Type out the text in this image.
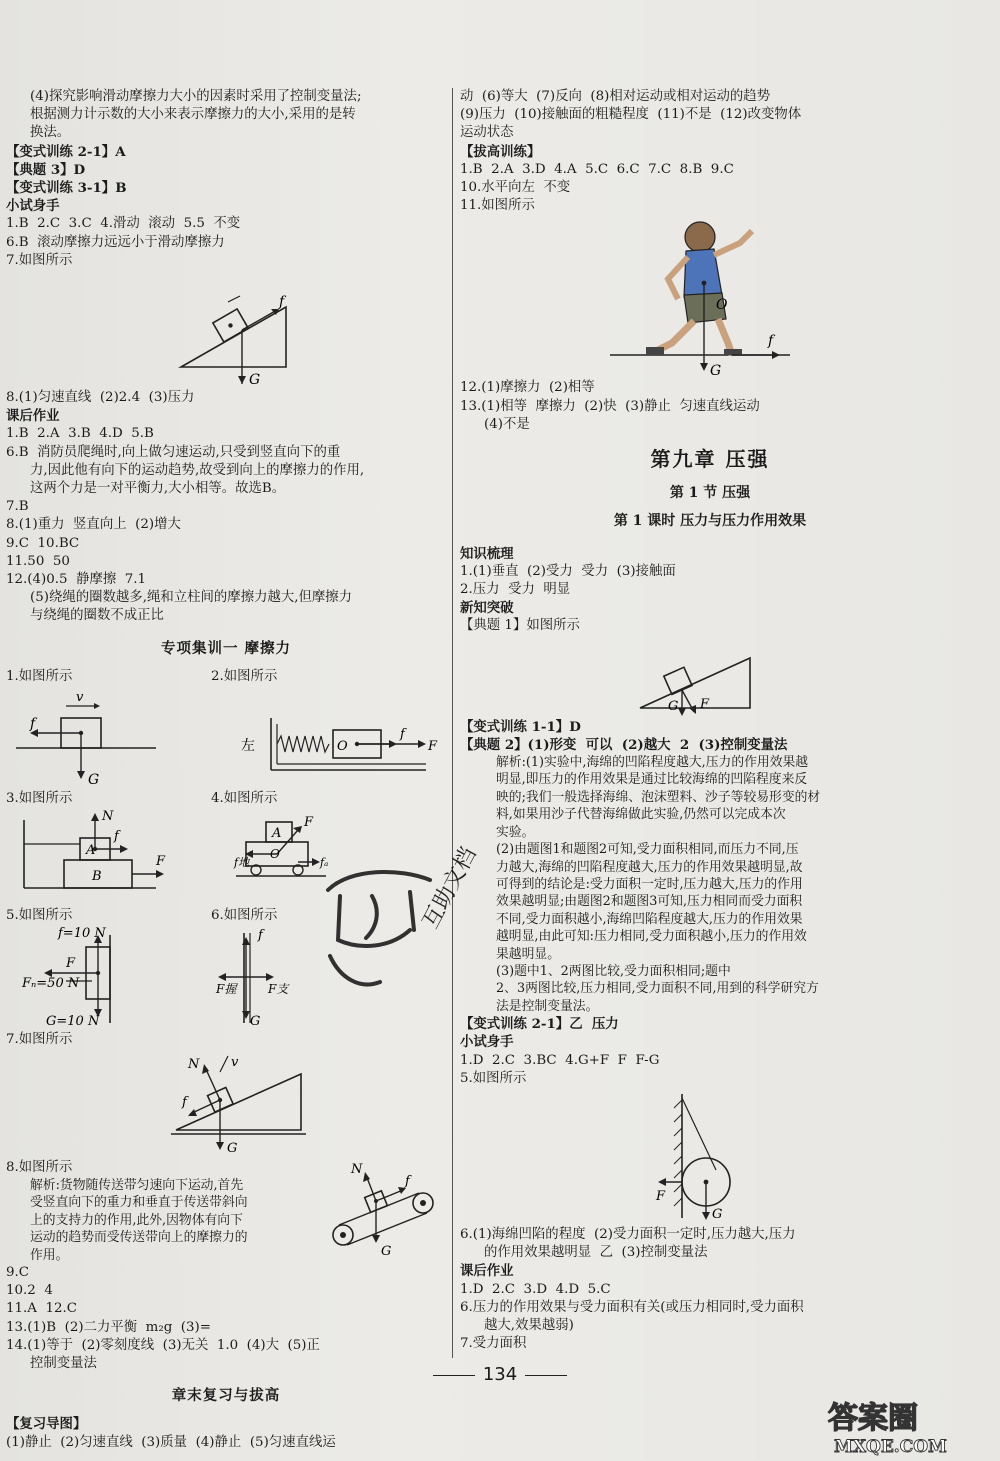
(4)探究影响滑动摩擦力大小的因素时采用了控制变量法;
根据测力计示数的大小来表示摩擦力的大小,采用的是转
换法。
【变式训练 2-1】A
【典题 3】D
【变式训练 3-1】B
小试身手
1.B  2.C  3.C  4.滑动  滚动  5.5  不变
6.B  滚动摩擦力远远小于滑动摩擦力
7.如图所示
f
G
8.(1)匀速直线  (2)2.4  (3)压力
课后作业
1.B  2.A  3.B  4.D  5.B
6.B  消防员爬绳时,向上做匀速运动,只受到竖直向下的重
力,因此他有向下的运动趋势,故受到向上的摩擦力的作用,
这两个力是一对平衡力,大小相等。故选B。
7.B
8.(1)重力  竖直向上  (2)增大
9.C  10.BC
11.50  50
12.(4)0.5  静摩擦  7.1
(5)绕绳的圈数越多,绳和立柱间的摩擦力越大,但摩擦力
与绕绳的圈数不成正比
专项集训一 摩擦力
1.如图所示	2.如图所示
v
f
G
左	O
f
F
3.如图所示	4.如图所示
N
A
f
B
F
A
O
F
f地	fₐ
5.如图所示	6.如图所示
f=10 N
F
Fₙ=50 N
G=10 N
f
F握	F支
G
7.如图所示
N v
f
G
8.如图所示
解析:货物随传送带匀速向下运动,首先
受竖直向下的重力和垂直于传送带斜向
上的支持力的作用,此外,因物体有向下
运动的趋势而受传送带向上的摩擦力的
作用。
N
f
G
9.C
10.2  4
11.A  12.C
13.(1)B  (2)二力平衡  m₂g  (3)=
14.(1)等于  (2)零刻度线  (3)无关  1.0  (4)大  (5)正
控制变量法
章末复习与拔高
【复习导图】
(1)静止  (2)匀速直线  (3)质量  (4)静止  (5)匀速直线运
动  (6)等大  (7)反向  (8)相对运动或相对运动的趋势
(9)压力  (10)接触面的粗糙程度  (11)不是  (12)改变物体
运动状态
【拔高训练】
1.B  2.A  3.D  4.A  5.C  6.C  7.C  8.B  9.C
10.水平向左  不变
11.如图所示
O
f
G
12.(1)摩擦力  (2)相等
13.(1)相等  摩擦力  (2)快  (3)静止  匀速直线运动
(4)不是
第九章 压强
第 1 节 压强
第 1 课时 压力与压力作用效果
知识梳理
1.(1)垂直  (2)受力  受力  (3)接触面
2.压力  受力  明显
新知突破
【典题 1】如图所示
G F
【变式训练 1-1】D
【典题 2】(1)形变  可以  (2)越大  2  (3)控制变量法
解析:(1)实验中,海绵的凹陷程度越大,压力的作用效果越
明显,即压力的作用效果是通过比较海绵的凹陷程度来反
映的;我们一般选择海绵、泡沫塑料、沙子等较易形变的材
料,如果用沙子代替海绵做此实验,仍然可以完成本次
实验。
(2)由题图1和题图2可知,受力面积相同,而压力不同,压
力越大,海绵的凹陷程度越大,压力的作用效果越明显,故
可得到的结论是:受力面积一定时,压力越大,压力的作用
效果越明显;由题图2和题图3可知,压力相同而受力面积
不同,受力面积越小,海绵凹陷程度越大,压力的作用效果
越明显,由此可知:压力相同,受力面积越小,压力的作用效
果越明显。
(3)题中1、2两图比较,受力面积相同;题中
2、3两图比较,压力相同,受力面积不同,用到的科学研究方
法是控制变量法。
【变式训练 2-1】乙  压力
小试身手
1.D  2.C  3.BC  4.G+F  F  F-G
5.如图所示
F
G
6.(1)海绵凹陷的程度  (2)受力面积一定时,压力越大,压力
的作用效果越明显  乙  (3)控制变量法
课后作业
1.D  2.C  3.D  4.D  5.C
6.压力的作用效果与受力面积有关(或压力相同时,受力面积
越大,效果越弱)
7.受力面积
互助文档
134
答案圈
MXQE.COM
